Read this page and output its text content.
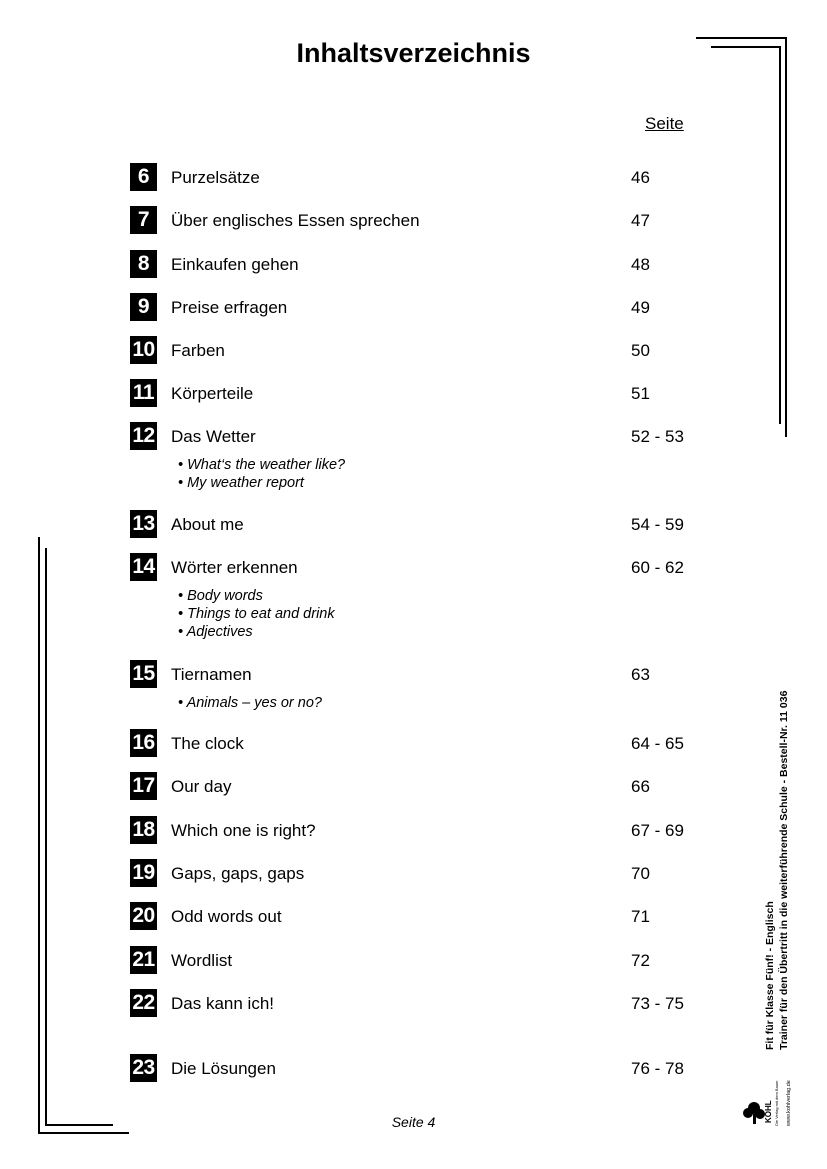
Inhaltsverzeichnis
Seite
6	Purzelsätze	46
7	Über englisches Essen sprechen	47
8	Einkaufen gehen	48
9	Preise erfragen	49
10 Farben	50
11 Körperteile	51
12 Das Wetter	52 - 53
• What‘s the weather like?
• My weather report
13 About me	54 - 59
14 Wörter erkennen	60 - 62
• Body words
• Things to eat and drink
• Adjectives
15 Tiernamen	63
• Animals – yes or no?
16 The clock	64 - 65
17 Our day	66
18 Which one is right?	67 - 69
19 Gaps, gaps, gaps	70
20 Odd words out	71
21 Wordlist	72
22 Das kann ich!	73 - 75
23 Die Lösungen	76 - 78
Seite 4
Fit für Klasse Fünf! - Englisch Trainer für den Übertritt in die weiterführende Schule - Bestell-Nr. 11 036
KOHL Die Verlag mit dem Baum www.kohlverlag.de
